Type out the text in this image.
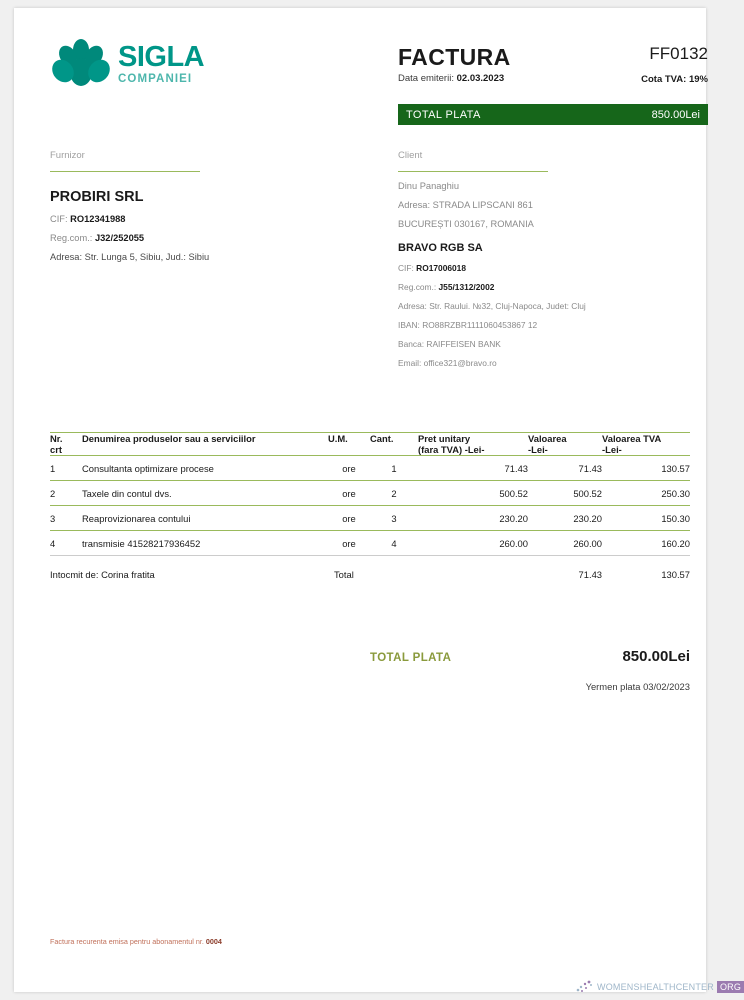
SIGLA
COMPANIEI
FACTURA	FF0132
Data emiterii: 02.03.2023	Cota TVA: 19%
TOTAL PLATA	850.00Lei
Furnizor
PROBIRI SRL
CIF: RO12341988
Reg.com.: J32/252055
Adresa: Str. Lunga 5, Sibiu, Jud.: Sibiu
Client
Dinu Panaghiu
Adresa: STRADA LIPSCANI 861
BUCUREȘTI 030167, ROMANIA
BRAVO RGB SA
CIF: RO17006018
Reg.com.: J55/1312/2002
Adresa: Str. Raului. №32, Cluj-Napoca, Judet: Cluj
IBAN: RO88RZBR1111060453867 12
Banca: RAIFFEISEN BANK
Email: office321@bravo.ro
Nr.	Denumirea produselor sau a serviciilor	U.M.	Cant.	Pret unitary	Valoarea	Valoarea TVA
crt				(fara TVA) -Lei-	-Lei-	-Lei-
1	Consultanta optimizare procese	ore	1	71.43	71.43	130.57
2	Taxele din contul dvs.	ore	2	500.52	500.52	250.30
3	Reaprovizionarea contului	ore	3	230.20	230.20	150.30
4	transmisie 41528217936452	ore	4	260.00	260.00	160.20
Intocmit de: Corina fratita		Total			71.43	130.57
TOTAL PLATA	850.00Lei
Yermen plata 03/02/2023
Factura recurenta emisa pentru abonamentul nr. 0004
WOMENSHEALTHCENTER ORG
